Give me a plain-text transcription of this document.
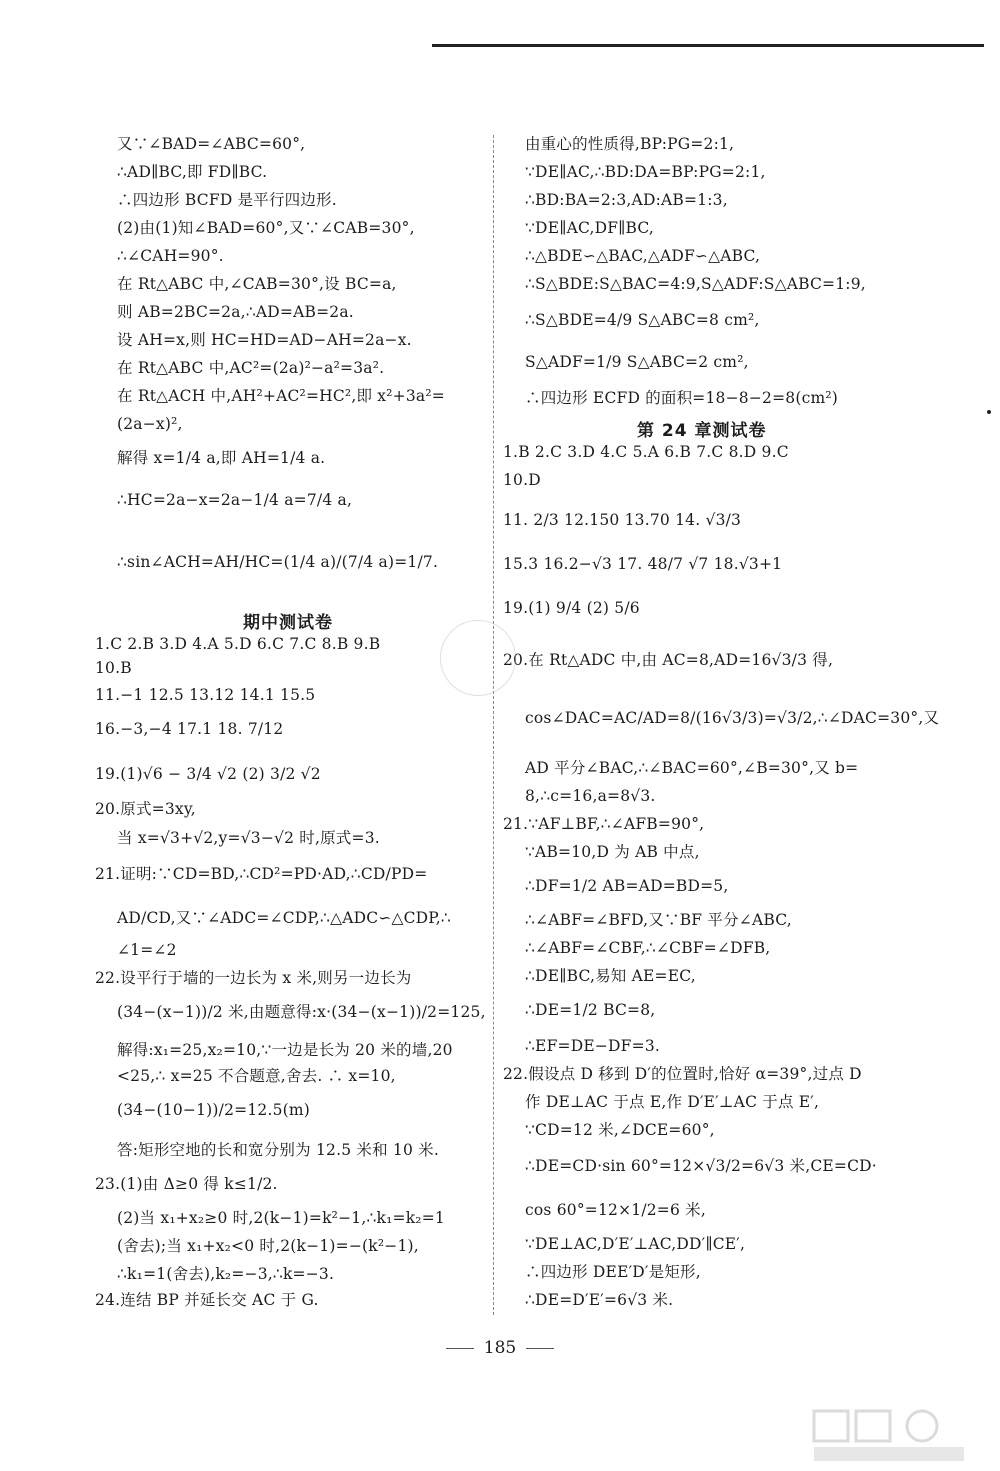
又∵∠BAD=∠ABC=60°,
∴AD∥BC,即 FD∥BC.
∴四边形 BCFD 是平行四边形.
(2)由(1)知∠BAD=60°,又∵∠CAB=30°,
∴∠CAH=90°.
在 Rt△ABC 中,∠CAB=30°,设 BC=a,
则 AB=2BC=2a,∴AD=AB=2a.
设 AH=x,则 HC=HD=AD−AH=2a−x.
在 Rt△ABC 中,AC²=(2a)²−a²=3a².
在 Rt△ACH 中,AH²+AC²=HC²,即 x²+3a²=
(2a−x)²,
解得 x=1/4 a,即 AH=1/4 a.
∴HC=2a−x=2a−1/4 a=7/4 a,
∴sin∠ACH=AH/HC=(1/4 a)/(7/4 a)=1/7.
期中测试卷
1.C 2.B 3.D 4.A 5.D 6.C 7.C 8.B 9.B
10.B
11.−1 12.5 13.12 14.1 15.5
16.−3,−4 17.1 18. 7/12
19.(1)√6 − 3/4 √2 (2) 3/2 √2
20.原式=3xy,
当 x=√3+√2,y=√3−√2 时,原式=3.
21.证明:∵CD=BD,∴CD²=PD·AD,∴CD/PD=
AD/CD,又∵∠ADC=∠CDP,∴△ADC∽△CDP,∴
∠1=∠2
22.设平行于墙的一边长为 x 米,则另一边长为
(34−(x−1))/2 米,由题意得:x·(34−(x−1))/2=125,
解得:x₁=25,x₂=10,∵一边是长为 20 米的墙,20
<25,∴ x=25 不合题意,舍去. ∴ x=10,
(34−(10−1))/2=12.5(m)
答:矩形空地的长和宽分别为 12.5 米和 10 米.
23.(1)由 Δ≥0 得 k≤1/2.
(2)当 x₁+x₂≥0 时,2(k−1)=k²−1,∴k₁=k₂=1
(舍去);当 x₁+x₂<0 时,2(k−1)=−(k²−1),
∴k₁=1(舍去),k₂=−3,∴k=−3.
24.连结 BP 并延长交 AC 于 G.
由重心的性质得,BP:PG=2:1,
∵DE∥AC,∴BD:DA=BP:PG=2:1,
∴BD:BA=2:3,AD:AB=1:3,
∵DE∥AC,DF∥BC,
∴△BDE∽△BAC,△ADF∽△ABC,
∴S△BDE:S△BAC=4:9,S△ADF:S△ABC=1:9,
∴S△BDE=4/9 S△ABC=8 cm²,
S△ADF=1/9 S△ABC=2 cm²,
∴四边形 ECFD 的面积=18−8−2=8(cm²)
第 24 章测试卷
1.B 2.C 3.D 4.C 5.A 6.B 7.C 8.D 9.C
10.D
11. 2/3 12.150 13.70 14. √3/3
15.3 16.2−√3 17. 48/7 √7 18.√3+1
19.(1) 9/4 (2) 5/6
20.在 Rt△ADC 中,由 AC=8,AD=16√3/3 得,
cos∠DAC=AC/AD=8/(16√3/3)=√3/2,∴∠DAC=30°,又
AD 平分∠BAC,∴∠BAC=60°,∠B=30°,又 b=
8,∴c=16,a=8√3.
21.∵AF⊥BF,∴∠AFB=90°,
∵AB=10,D 为 AB 中点,
∴DF=1/2 AB=AD=BD=5,
∴∠ABF=∠BFD,又∵BF 平分∠ABC,
∴∠ABF=∠CBF,∴∠CBF=∠DFB,
∴DE∥BC,易知 AE=EC,
∴DE=1/2 BC=8,
∴EF=DE−DF=3.
22.假设点 D 移到 D′的位置时,恰好 α=39°,过点 D
作 DE⊥AC 于点 E,作 D′E′⊥AC 于点 E′,
∵CD=12 米,∠DCE=60°,
∴DE=CD·sin 60°=12×√3/2=6√3 米,CE=CD·
cos 60°=12×1/2=6 米,
∵DE⊥AC,D′E′⊥AC,DD′∥CE′,
∴四边形 DEE′D′是矩形,
∴DE=D′E′=6√3 米.
185
